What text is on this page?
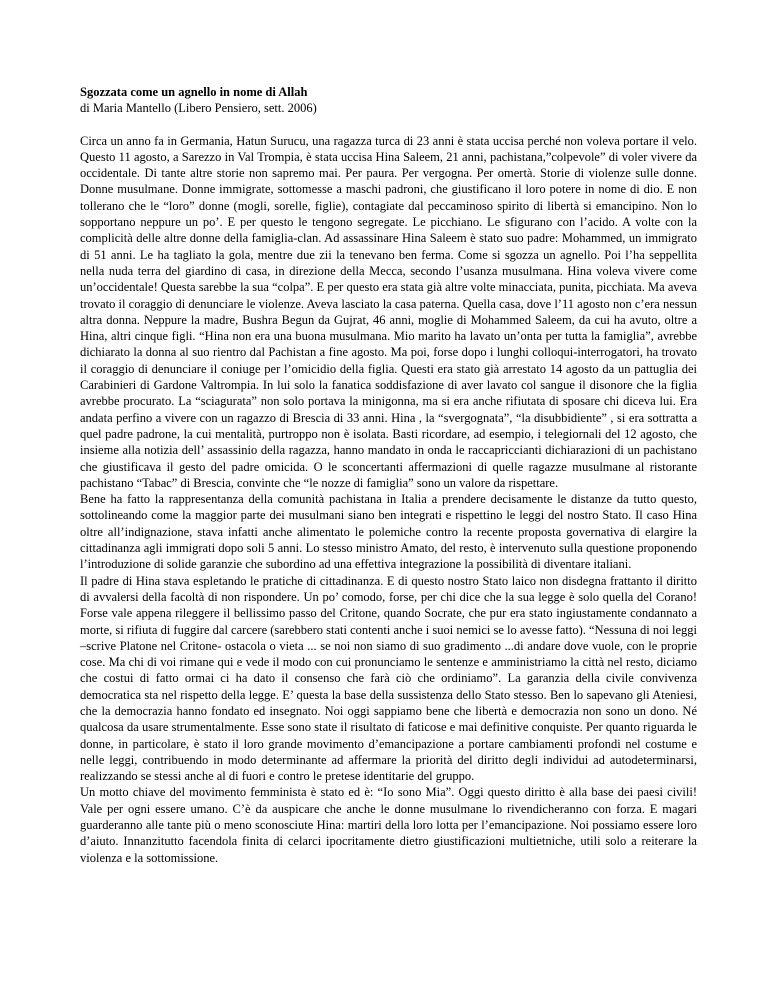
Sgozzata come un agnello in nome di Allah

di Maria Mantello (Libero Pensiero, sett. 2006)

Circa un anno fa in Germania, Hatun Surucu, una ragazza turca di 23 anni è stata uccisa perché non voleva portare il velo. Questo 11 agosto, a Sarezzo in Val Trompia, è stata uccisa Hina Saleem, 21 anni, pachistana,”colpevole” di voler vivere da occidentale. Di tante altre storie non sapremo mai. Per paura. Per vergogna. Per omertà. Storie di violenze sulle donne. Donne musulmane. Donne immigrate, sottomesse a maschi padroni, che giustificano il loro potere in nome di dio. E non tollerano che le “loro” donne (mogli, sorelle, figlie), contagiate dal peccaminoso spirito di libertà si emancipino. Non lo sopportano neppure un po’. E per questo le tengono segregate. Le picchiano. Le sfigurano con l’acido. A volte con la complicità delle altre donne della famiglia-clan. Ad assassinare Hina Saleem è stato suo padre: Mohammed, un immigrato di 51 anni. Le ha tagliato la gola, mentre due zii la tenevano ben ferma. Come si sgozza un agnello. Poi l’ha seppellita nella nuda terra del giardino di casa, in direzione della Mecca, secondo l’usanza musulmana. Hina voleva vivere come un’occidentale! Questa sarebbe la sua “colpa”. E per questo era stata già altre volte minacciata, punita, picchiata. Ma aveva trovato il coraggio di denunciare le violenze. Aveva lasciato la casa paterna. Quella casa, dove l’11 agosto non c’era nessun altra donna. Neppure la madre, Bushra Begun da Gujrat, 46 anni, moglie di Mohammed Saleem, da cui ha avuto, oltre a Hina, altri cinque figli. “Hina non era una buona musulmana. Mio marito ha lavato un’onta per tutta la famiglia”, avrebbe dichiarato la donna al suo rientro dal Pachistan a fine agosto. Ma poi, forse dopo i lunghi colloqui-interrogatori, ha trovato il coraggio di denunciare il coniuge per l’omicidio della figlia. Questi era stato già arrestato 14 agosto da un pattuglia dei Carabinieri di Gardone Valtrompia. In lui solo la fanatica soddisfazione di aver lavato col sangue il disonore che la figlia avrebbe procurato. La “sciagurata” non solo portava la minigonna, ma si era anche rifiutata di sposare chi diceva lui. Era andata perfino a vivere con un ragazzo di Brescia di 33 anni. Hina , la “svergognata”, “la disubbidiente” , si era sottratta a quel padre padrone, la cui mentalità, purtroppo non è isolata. Basti ricordare, ad esempio, i telegiornali del 12 agosto, che insieme alla notizia dell’ assassinio della ragazza, hanno mandato in onda le raccapriccianti dichiarazioni di un pachistano che giustificava il gesto del padre omicida. O le sconcertanti affermazioni di quelle ragazze musulmane al ristorante pachistano “Tabac” di Brescia, convinte che “le nozze di famiglia” sono un valore da rispettare.

Bene ha fatto la rappresentanza della comunità pachistana in Italia a prendere decisamente le distanze da tutto questo, sottolineando come la maggior parte dei musulmani siano ben integrati e rispettino le leggi del nostro Stato. Il caso Hina oltre all’indignazione, stava infatti anche alimentato le polemiche contro la recente proposta governativa di elargire la cittadinanza agli immigrati dopo soli 5 anni. Lo stesso ministro Amato, del resto, è intervenuto sulla questione proponendo l’introduzione di solide garanzie che subordino ad una effettiva integrazione la possibilità di diventare italiani.

Il padre di Hina stava espletando le pratiche di cittadinanza. E di questo nostro Stato laico non disdegna frattanto il diritto di avvalersi della facoltà di non rispondere. Un po’ comodo, forse, per chi dice che la sua legge è solo quella del Corano! Forse vale appena rileggere il bellissimo passo del Critone, quando Socrate, che pur era stato ingiustamente condannato a morte, si rifiuta di fuggire dal carcere (sarebbero stati contenti anche i suoi nemici se lo avesse fatto). “Nessuna di noi leggi –scrive Platone nel Critone- ostacola o vieta ... se noi non siamo di suo gradimento ...di andare dove vuole, con le proprie cose. Ma chi di voi rimane qui e vede il modo con cui pronunciamo le sentenze e amministriamo la città nel resto, diciamo che costui di fatto ormai ci ha dato il consenso che farà ciò che ordiniamo”. La garanzia della civile convivenza democratica sta nel rispetto della legge. E’ questa la base della sussistenza dello Stato stesso. Ben lo sapevano gli Ateniesi, che la democrazia hanno fondato ed insegnato. Noi oggi sappiamo bene che libertà e democrazia non sono un dono. Né qualcosa da usare strumentalmente. Esse sono state il risultato di faticose e mai definitive conquiste. Per quanto riguarda le donne, in particolare, è stato il loro grande movimento d’emancipazione a portare cambiamenti profondi nel costume e nelle leggi, contribuendo in modo determinante ad affermare la priorità del diritto degli individui ad autodeterminarsi, realizzando se stessi anche al di fuori e contro le pretese identitarie del gruppo.

Un motto chiave del movimento femminista è stato ed è: “Io sono Mia”. Oggi questo diritto è alla base dei paesi civili! Vale per ogni essere umano. C’è da auspicare che anche le donne musulmane lo rivendicheranno con forza. E magari guarderanno alle tante più o meno sconosciute Hina: martiri della loro lotta per l’emancipazione. Noi possiamo essere loro d’aiuto. Innanzitutto facendola finita di celarci ipocritamente dietro giustificazioni multietniche, utili solo a reiterare la violenza e la sottomissione.
